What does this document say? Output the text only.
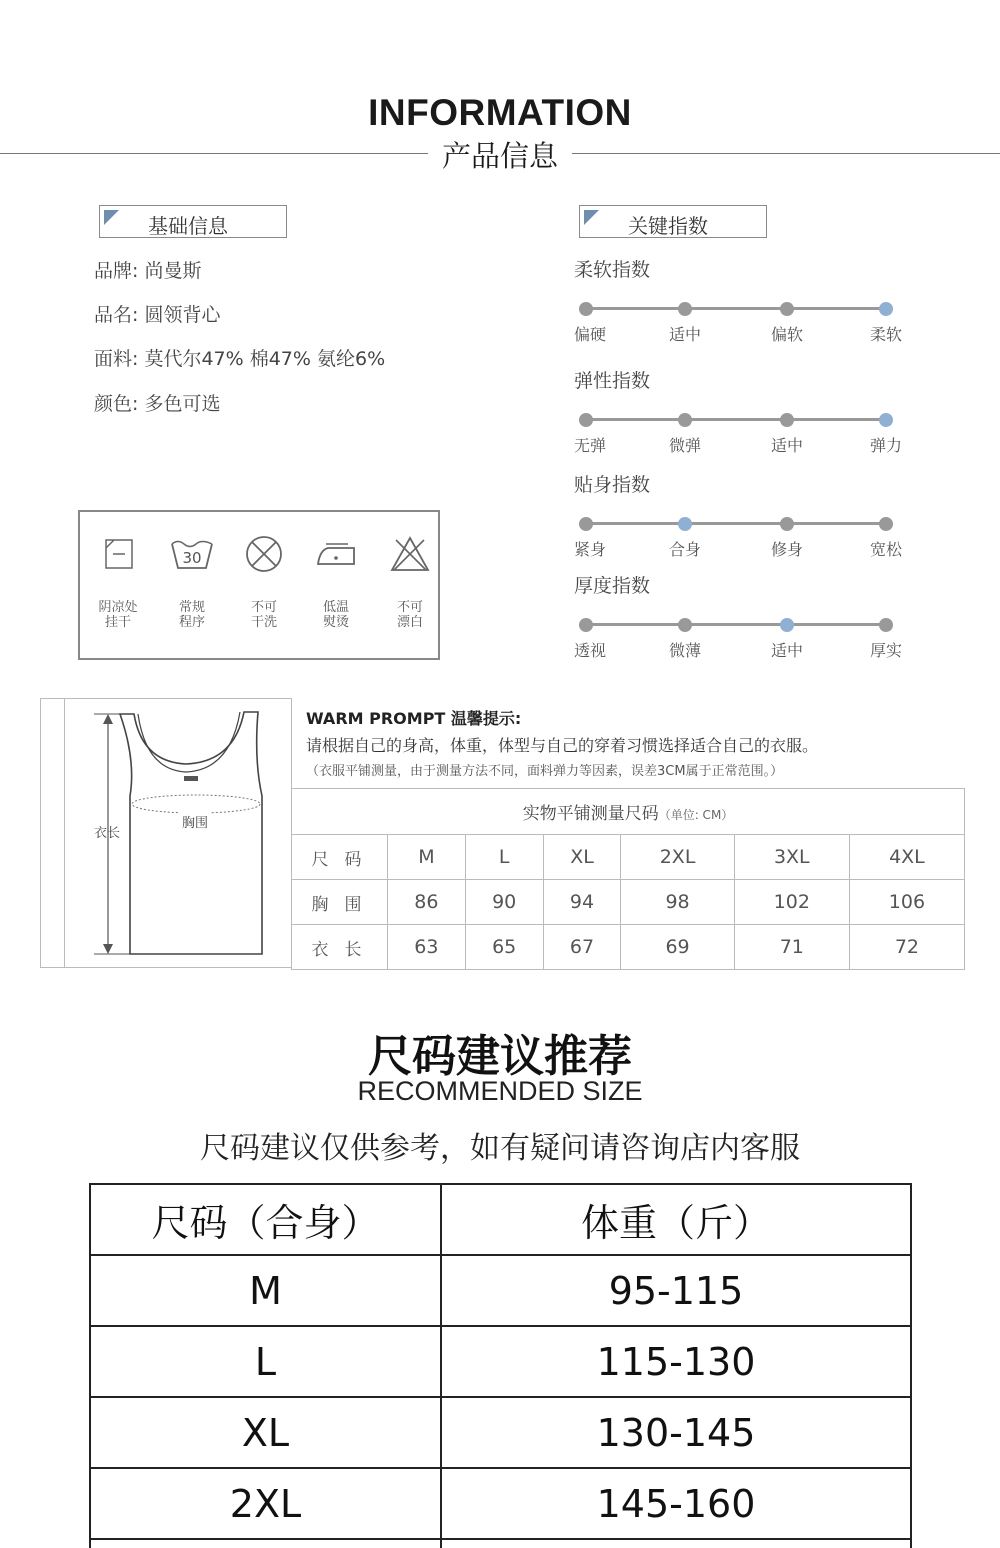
INFORMATION
产品信息
基础信息
品牌: 尚曼斯
品名: 圆领背心
面料: 莫代尔47% 棉47% 氨纶6%
颜色: 多色可选
阴凉处
挂干
30
常规
程序
不可
干洗
低温
熨烫
不可
漂白
关键指数
柔软指数
偏硬	适中	偏软	柔软
弹性指数
无弹	微弹	适中	弹力
贴身指数
紧身	合身	修身	宽松
厚度指数
透视	微薄	适中	厚实
衣长
胸围
WARM PROMPT 温馨提示:
请根据自己的身高，体重，体型与自己的穿着习惯选择适合自己的衣服。
（衣服平铺测量，由于测量方法不同，面料弹力等因素，误差3CM属于正常范围。）
实物平铺测量尺码（单位: CM）						
尺码	M	L	XL	2XL	3XL	4XL
胸围	86	90	94	98	102	106
衣长	63	65	67	69	71	72
尺码建议推荐
RECOMMENDED SIZE
尺码建议仅供参考，如有疑问请咨询店内客服
尺码（合身）	体重（斤）
M	95-115
L	115-130
XL	130-145
2XL	145-160
